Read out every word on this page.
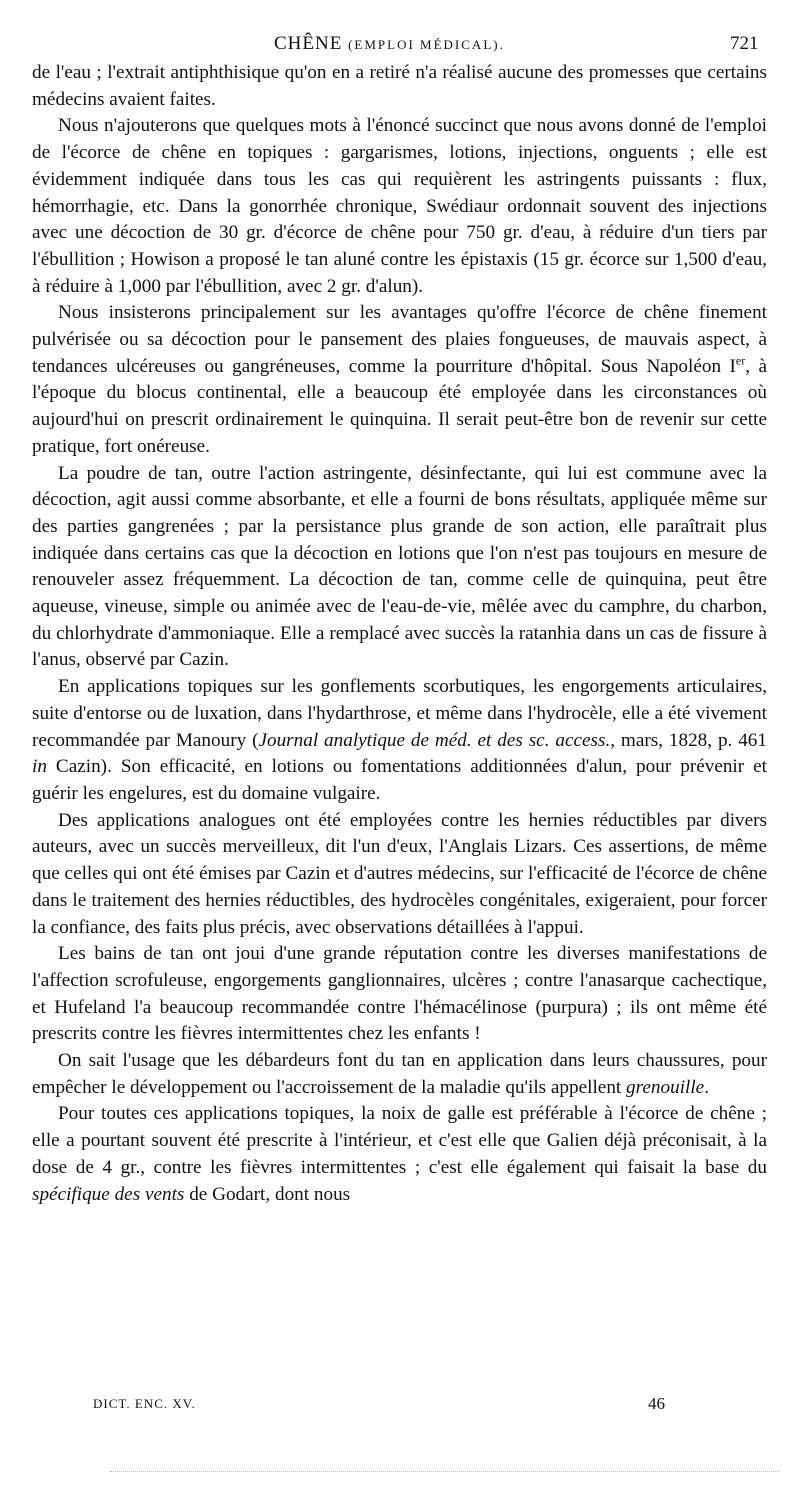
CHÊNE (EMPLOI MÉDICAL).	721

de l'eau ; l'extrait antiphthisique qu'on en a retiré n'a réalisé aucune des promesses que certains médecins avaient faites.

Nous n'ajouterons que quelques mots à l'énoncé succinct que nous avons donné de l'emploi de l'écorce de chêne en topiques : gargarismes, lotions, injections, onguents ; elle est évidemment indiquée dans tous les cas qui requièrent les astringents puissants : flux, hémorrhagie, etc. Dans la gonorrhée chronique, Swédiaur ordonnait souvent des injections avec une décoction de 30 gr. d'écorce de chêne pour 750 gr. d'eau, à réduire d'un tiers par l'ébullition ; Howison a proposé le tan aluné contre les épistaxis (15 gr. écorce sur 1,500 d'eau, à réduire à 1,000 par l'ébullition, avec 2 gr. d'alun).

Nous insisterons principalement sur les avantages qu'offre l'écorce de chêne finement pulvérisée ou sa décoction pour le pansement des plaies fongueuses, de mauvais aspect, à tendances ulcéreuses ou gangréneuses, comme la pourriture d'hôpital. Sous Napoléon Ier, à l'époque du blocus continental, elle a beaucoup été employée dans les circonstances où aujourd'hui on prescrit ordinairement le quinquina. Il serait peut-être bon de revenir sur cette pratique, fort onéreuse.

La poudre de tan, outre l'action astringente, désinfectante, qui lui est commune avec la décoction, agit aussi comme absorbante, et elle a fourni de bons résultats, appliquée même sur des parties gangrenées ; par la persistance plus grande de son action, elle paraîtrait plus indiquée dans certains cas que la décoction en lotions que l'on n'est pas toujours en mesure de renouveler assez fréquemment. La décoction de tan, comme celle de quinquina, peut être aqueuse, vineuse, simple ou animée avec de l'eau-de-vie, mêlée avec du camphre, du charbon, du chlorhydrate d'ammoniaque. Elle a remplacé avec succès la ratanhia dans un cas de fissure à l'anus, observé par Cazin.

En applications topiques sur les gonflements scorbutiques, les engorgements articulaires, suite d'entorse ou de luxation, dans l'hydarthrose, et même dans l'hydrocèle, elle a été vivement recommandée par Manoury (Journal analytique de méd. et des sc. access., mars, 1828, p. 461 in Cazin). Son efficacité, en lotions ou fomentations additionnées d'alun, pour prévenir et guérir les engelures, est du domaine vulgaire.

Des applications analogues ont été employées contre les hernies réductibles par divers auteurs, avec un succès merveilleux, dit l'un d'eux, l'Anglais Lizars. Ces assertions, de même que celles qui ont été émises par Cazin et d'autres médecins, sur l'efficacité de l'écorce de chêne dans le traitement des hernies réductibles, des hydrocèles congénitales, exigeraient, pour forcer la confiance, des faits plus précis, avec observations détaillées à l'appui.

Les bains de tan ont joui d'une grande réputation contre les diverses manifestations de l'affection scrofuleuse, engorgements ganglionnaires, ulcères ; contre l'anasarque cachectique, et Hufeland l'a beaucoup recommandée contre l'hémacélinose (purpura) ; ils ont même été prescrits contre les fièvres intermittentes chez les enfants !

On sait l'usage que les débardeurs font du tan en application dans leurs chaussures, pour empêcher le développement ou l'accroissement de la maladie qu'ils appellent grenouille.

Pour toutes ces applications topiques, la noix de galle est préférable à l'écorce de chêne ; elle a pourtant souvent été prescrite à l'intérieur, et c'est elle que Galien déjà préconisait, à la dose de 4 gr., contre les fièvres intermittentes ; c'est elle également qui faisait la base du spécifique des vents de Godart, dont nous

DICT. ENC. XV.	46
